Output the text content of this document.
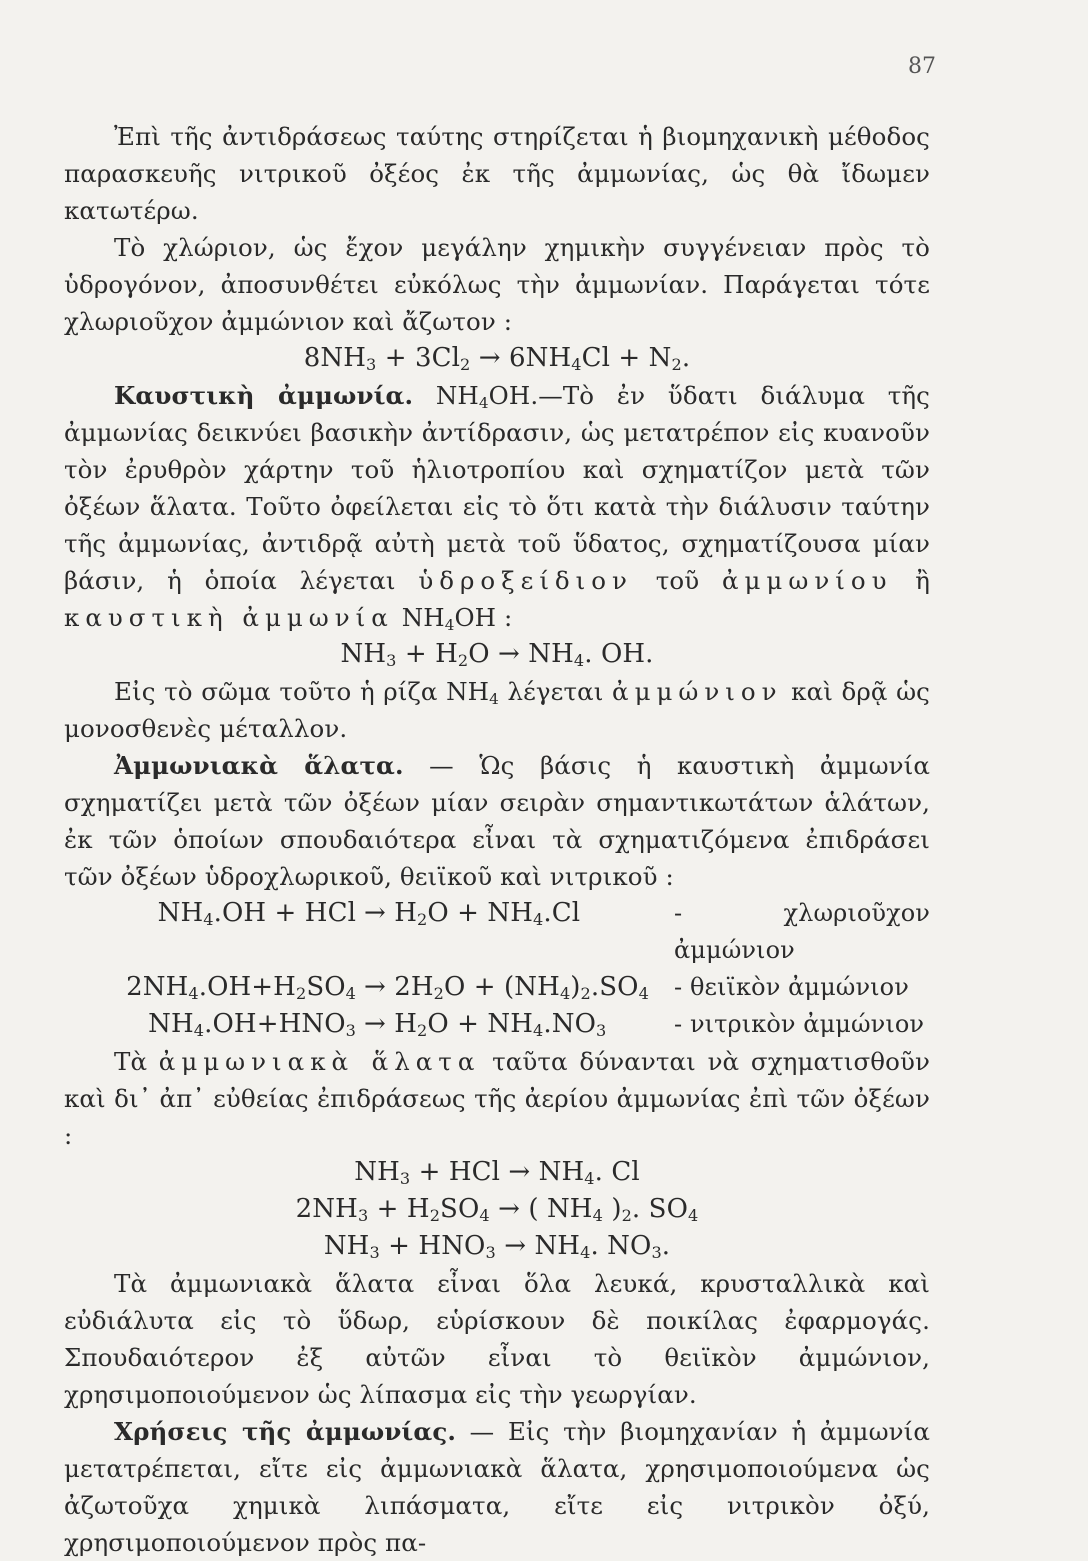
87

Ἐπὶ τῆς ἀντιδράσεως ταύτης στηρίζεται ἡ βιομηχανικὴ μέθοδος παρασκευῆς νιτρικοῦ ὀξέος ἐκ τῆς ἀμμωνίας, ὡς θὰ ἴδωμεν κατωτέρω.

Τὸ χλώριον, ὡς ἔχον μεγάλην χημικὴν συγγένειαν πρὸς τὸ ὑδρογόνον, ἀποσυνθέτει εὐκόλως τὴν ἀμμωνίαν. Παράγεται τότε χλωριοῦχον ἀμμώνιον καὶ ἄζωτον :

$8NH_3 + 3Cl_2 \to 6NH_4Cl + N_2$.

Καυστικὴ ἀμμωνία. $NH_4OH.—Tὸ$ ἐν ὕδατι διάλυμα τῆς ἀμμωνίας δεικνύει βασικὴν ἀντίδρασιν, ὡς μετατρέπον εἰς κυανοῦν τὸν ἐρυθρὸν χάρτην τοῦ ἡλιοτροπίου καὶ σχηματίζον μετὰ τῶν ὀξέων ἅλατα. Τοῦτο ὀφείλεται εἰς τὸ ὅτι κατὰ τὴν διάλυσιν ταύτην τῆς ἀμμωνίας, ἀντιδρᾷ αὐτὴ μετὰ τοῦ ὕδατος, σχηματίζουσα μίαν βάσιν, ἡ ὁποία λέγεται ὑδροξείδιον τοῦ ἀμμωνίου ἢ καυστικὴ ἀμμωνία $NH_4OH$ :

$NH_3 + H_2O \to NH_4$. OH.

Εἰς τὸ σῶμα τοῦτο ἡ ρίζα $NH_4$ λέγεται ἀμμώνιον καὶ δρᾷ ὡς μονοσθενὲς μέταλλον.

Ἀμμωνιακὰ ἅλατα. — Ὡς βάσις ἡ καυστικὴ ἀμμωνία σχηματίζει μετὰ τῶν ὀξέων μίαν σειρὰν σημαντικωτάτων ἁλάτων, ἐκ τῶν ὁποίων σπουδαιότερα εἶναι τὰ σχηματιζόμενα ἐπιδράσει τῶν ὀξέων ὑδροχλωρικοῦ, θειϊκοῦ καὶ νιτρικοῦ :

$NH_4.OH$ + HCl → $H_2O + NH_4.Cl$	- χλωριοῦχον ἀμμώνιον
$2NH_4.OH+H_2SO_4 \to 2H_2O + (NH_4)_2.SO_4$	- θειϊκὸν ἀμμώνιον
$NH_4.OH+HNO_3 \to H_2O + NH_4.NO_3$	- νιτρικὸν ἀμμώνιον

Τὰ ἀμμωνιακὰ ἅλατα ταῦτα δύνανται νὰ σχηματισθοῦν καὶ δι᾽ ἀπ᾽ εὐθείας ἐπιδράσεως τῆς ἀερίου ἀμμωνίας ἐπὶ τῶν ὀξέων :

$NH_3$ + HCl → $NH_4$. Cl
$2NH_3 + H_2SO_4$ → ( $NH_4$ )$_2$. $SO_4$
$NH_3 + HNO_3 \to NH_4$. $NO_3$.

Τὰ ἀμμωνιακὰ ἅλατα εἶναι ὅλα λευκά, κρυσταλλικὰ καὶ εὐδιάλυτα εἰς τὸ ὕδωρ, εὑρίσκουν δὲ ποικίλας ἐφαρμογάς. Σπουδαιότερον ἐξ αὐτῶν εἶναι τὸ θειϊκὸν ἀμμώνιον, χρησιμοποιούμενον ὡς λίπασμα εἰς τὴν γεωργίαν.

Χρήσεις τῆς ἀμμωνίας. — Εἰς τὴν βιομηχανίαν ἡ ἀμμωνία μετατρέπεται, εἴτε εἰς ἀμμωνιακὰ ἅλατα, χρησιμοποιούμενα ὡς ἀζωτοῦχα χημικὰ λιπάσματα, εἴτε εἰς νιτρικὸν ὀξύ, χρησιμοποιούμενον πρὸς πα-
